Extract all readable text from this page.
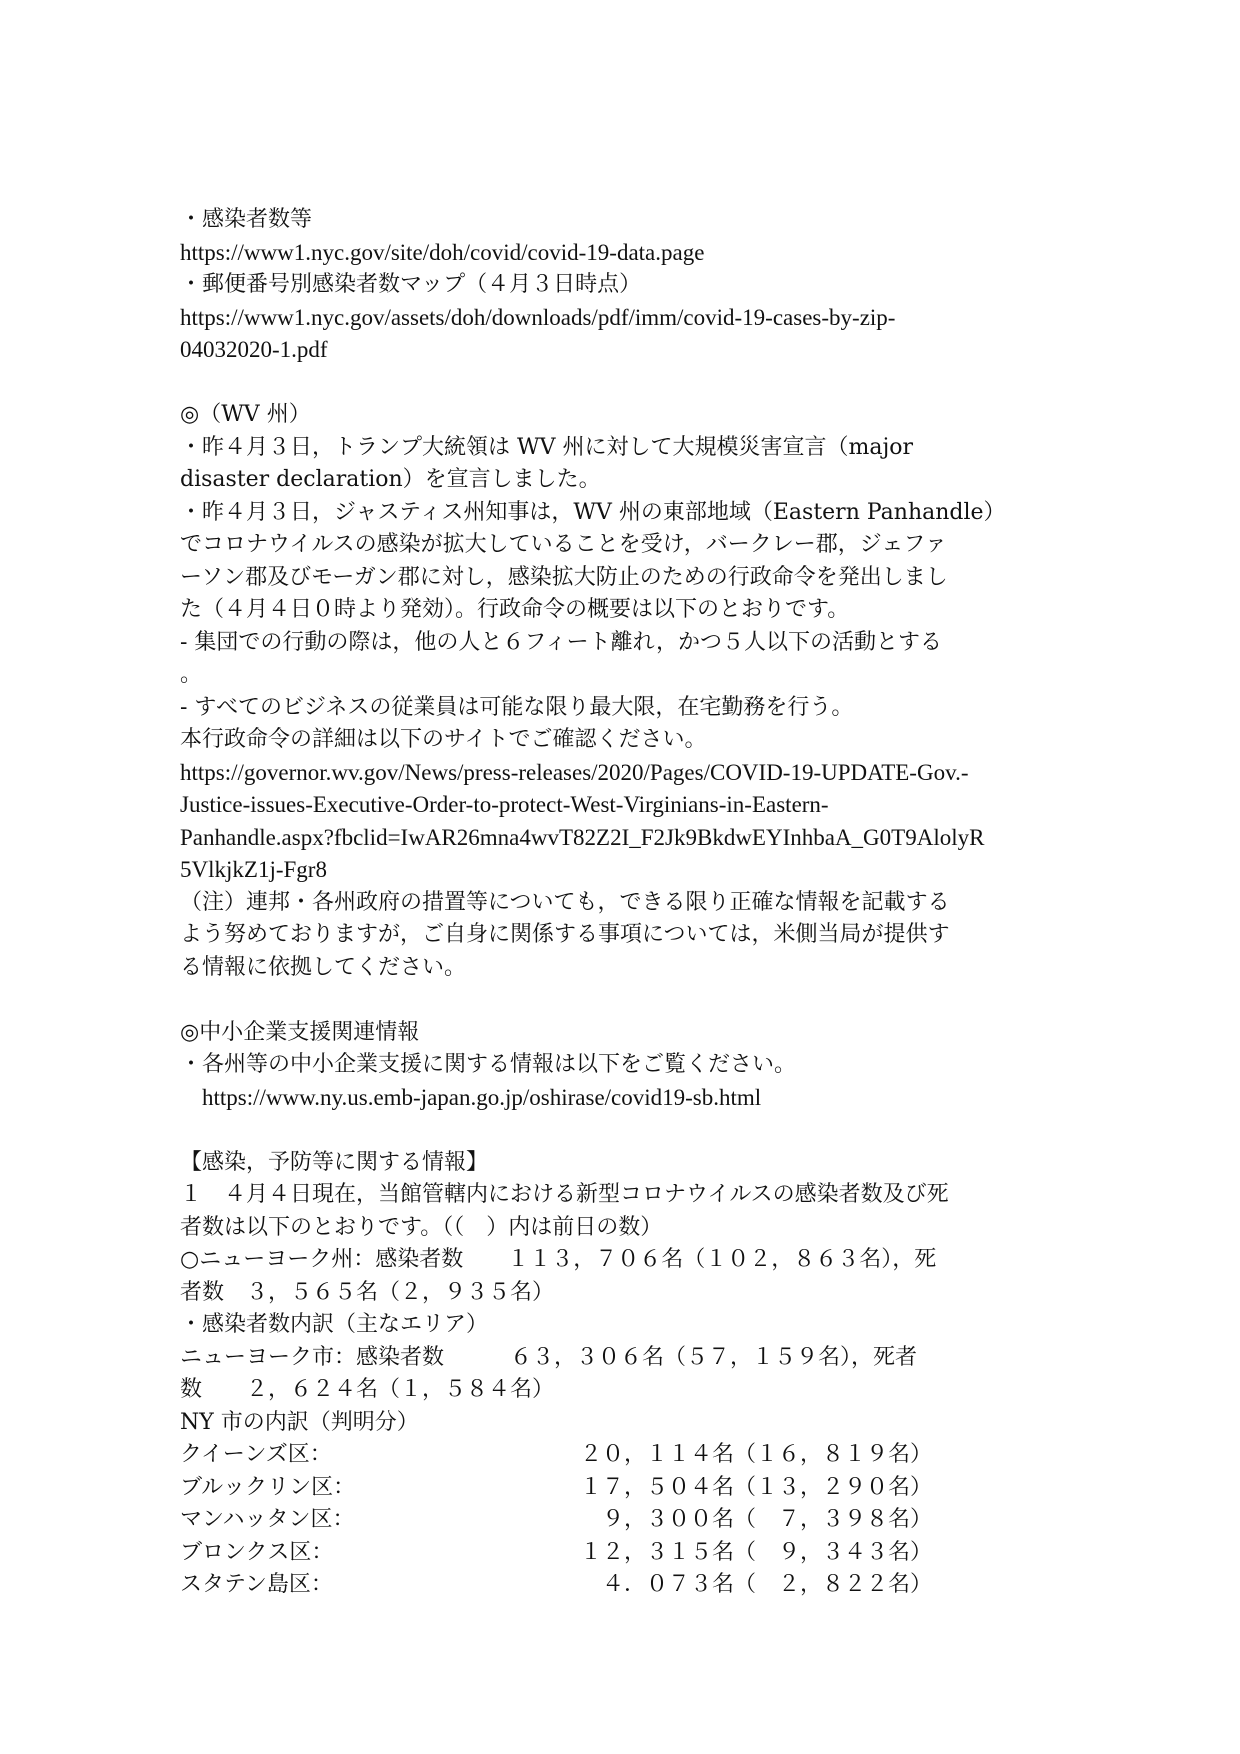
・感染者数等
https://www1.nyc.gov/site/doh/covid/covid-19-data.page
・郵便番号別感染者数マップ（４月３日時点）
https://www1.nyc.gov/assets/doh/downloads/pdf/imm/covid-19-cases-by-zip-
04032020-1.pdf
◎（WV 州）
・昨４月３日，トランプ大統領は WV 州に対して大規模災害宣言（major
disaster declaration）を宣言しました。
・昨４月３日，ジャスティス州知事は，WV 州の東部地域（Eastern Panhandle）
でコロナウイルスの感染が拡大していることを受け，バークレー郡，ジェファ
ーソン郡及びモーガン郡に対し，感染拡大防止のための行政命令を発出しまし
た（４月４日０時より発効）。行政命令の概要は以下のとおりです。
- 集団での行動の際は，他の人と６フィート離れ，かつ５人以下の活動とする
。
- すべてのビジネスの従業員は可能な限り最大限，在宅勤務を行う。
本行政命令の詳細は以下のサイトでご確認ください。
https://governor.wv.gov/News/press-releases/2020/Pages/COVID-19-UPDATE-Gov.-
Justice-issues-Executive-Order-to-protect-West-Virginians-in-Eastern-
Panhandle.aspx?fbclid=IwAR26mna4wvT82Z2I_F2Jk9BkdwEYInhbaA_G0T9AlolyR
5VlkjkZ1j-Fgr8
（注）連邦・各州政府の措置等についても，できる限り正確な情報を記載する
よう努めておりますが，ご自身に関係する事項については，米側当局が提供す
る情報に依拠してください。
◎中小企業支援関連情報
・各州等の中小企業支援に関する情報は以下をご覧ください。
https://www.ny.us.emb-japan.go.jp/oshirase/covid19-sb.html
【感染，予防等に関する情報】
１　４月４日現在，当館管轄内における新型コロナウイルスの感染者数及び死
者数は以下のとおりです。（（　）内は前日の数）
○ニューヨーク州：感染者数　　１１３，７０６名（１０２，８６３名），死
者数　３，５６５名（２，９３５名）
・感染者数内訳（主なエリア）
ニューヨーク市：感染者数　　　６３，３０６名（５７，１５９名），死者
数　　２，６２４名（１，５８４名）
NY 市の内訳（判明分）
クイーンズ区：	２０，１１４名（１６，８１９名）
ブルックリン区：	１７，５０４名（１３，２９０名）
マンハッタン区：	　９，３００名（　７，３９８名）
ブロンクス区：	１２，３１５名（　９，３４３名）
スタテン島区：	　４．０７３名（　２，８２２名）
